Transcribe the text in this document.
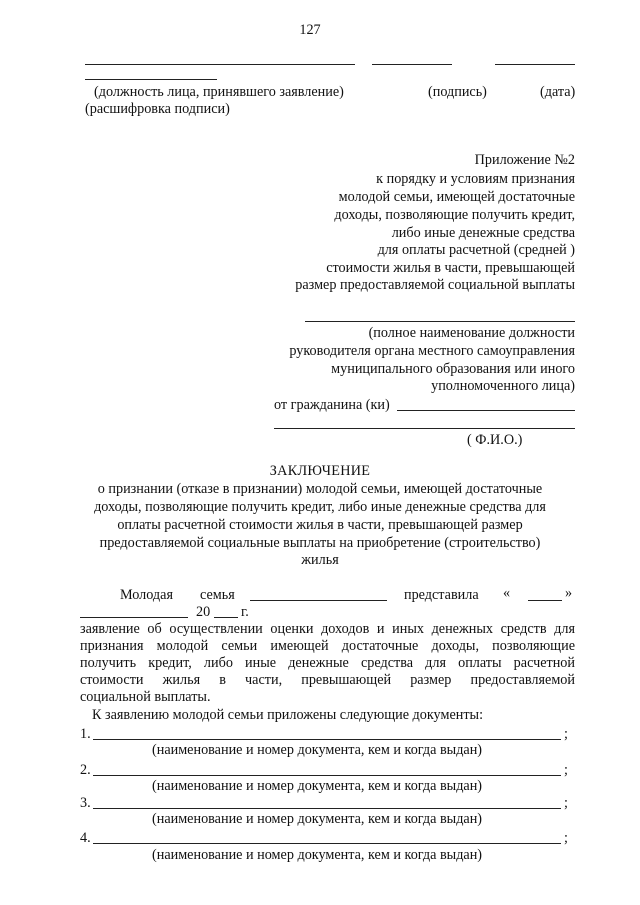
127
(должность лица, принявшего заявление)	(подпись)	(дата)
(расшифровка подписи)
Приложение №2
к порядку и условиям признания
молодой семьи, имеющей достаточные
доходы, позволяющие получить кредит,
либо иные денежные средства
для оплаты расчетной (средней )
стоимости жилья в части, превышающей
размер предоставляемой социальной выплаты
(полное наименование должности
руководителя органа местного самоуправления
муниципального образования или иного
уполномоченного лица)
от гражданина (ки)
( Ф.И.О.)
ЗАКЛЮЧЕНИЕ
о признании (отказе в признании) молодой семьи, имеющей достаточные
доходы, позволяющие получить кредит, либо иные денежные средства для
оплаты расчетной стоимости жилья в части, превышающей размер
предоставляемой социальные выплаты на приобретение (строительство)
жилья
Молодая семья	представила «	»
20 г.
заявление об осуществлении оценки доходов и иных денежных средств для
признания молодой семьи имеющей достаточные доходы, позволяющие
получить кредит, либо иные денежные средства для оплаты расчетной
стоимости жилья в части, превышающей размер предоставляемой
социальной выплаты.
К заявлению молодой семьи приложены следующие документы:
1.	;
(наименование и номер документа, кем и когда выдан)
2.	;
(наименование и номер документа, кем и когда выдан)
3.	;
(наименование и номер документа, кем и когда выдан)
4.	;
(наименование и номер документа, кем и когда выдан)
